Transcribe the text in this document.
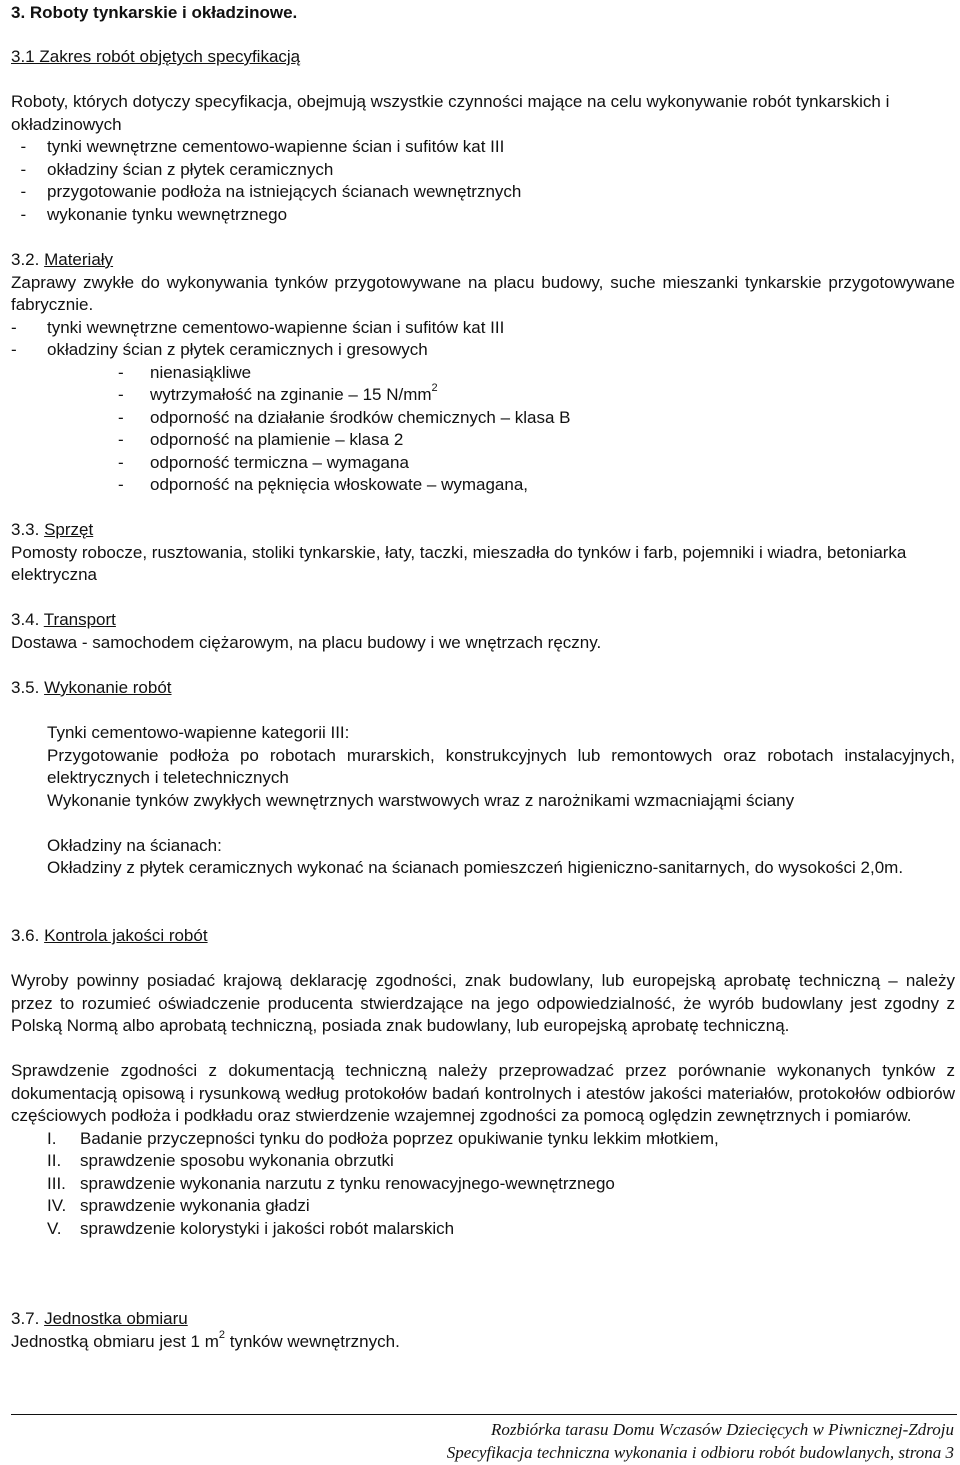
3. Roboty tynkarskie i okładzinowe.

3.1 Zakres robót objętych specyfikacją

Roboty, których dotyczy specyfikacja, obejmują wszystkie czynności mające na celu wykonywanie robót tynkarskich i okładzinowych

-	tynki wewnętrzne cementowo-wapienne ścian i sufitów kat III
-	okładziny ścian z płytek ceramicznych
-	przygotowanie podłoża na istniejących ścianach wewnętrznych
-	wykonanie tynku wewnętrznego

3.2. Materiały

Zaprawy zwykłe do wykonywania tynków przygotowywane na placu budowy, suche mieszanki tynkarskie przygotowywane fabrycznie.

-	tynki wewnętrzne cementowo-wapienne ścian i sufitów kat III
-	okładziny ścian z płytek ceramicznych i gresowych
-	nienasiąkliwe
-	wytrzymałość na zginanie – 15 $N/mm^2$
-	odporność na działanie środków chemicznych – klasa B
-	odporność na plamienie – klasa 2
-	odporność termiczna – wymagana
-	odporność na pęknięcia włoskowate – wymagana,

3.3. Sprzęt

Pomosty robocze, rusztowania, stoliki tynkarskie, łaty, taczki, mieszadła do tynków i farb, pojemniki i wiadra, betoniarka elektryczna

3.4. Transport

Dostawa - samochodem ciężarowym, na placu budowy i we wnętrzach ręczny.

3.5. Wykonanie robót

Tynki cementowo-wapienne kategorii III:

Przygotowanie podłoża po robotach murarskich, konstrukcyjnych lub remontowych oraz robotach instalacyjnych, elektrycznych i teletechnicznych

Wykonanie tynków zwykłych wewnętrznych warstwowych wraz z narożnikami wzmacniająmi ściany

Okładziny na ścianach:

Okładziny z płytek ceramicznych wykonać na ścianach pomieszczeń higieniczno-sanitarnych, do wysokości 2,0m.

3.6. Kontrola jakości robót

Wyroby powinny posiadać krajową deklarację zgodności, znak budowlany, lub europejską aprobatę techniczną – należy przez to rozumieć oświadczenie producenta stwierdzające na jego odpowiedzialność, że wyrób budowlany jest zgodny z Polską Normą albo aprobatą techniczną, posiada znak budowlany, lub europejską aprobatę techniczną.

Sprawdzenie zgodności z dokumentacją techniczną należy przeprowadzać przez porównanie wykonanych tynków z dokumentacją opisową i rysunkową według protokołów badań kontrolnych i atestów jakości materiałów, protokołów odbiorów częściowych podłoża i podkładu oraz stwierdzenie wzajemnej zgodności za pomocą oględzin zewnętrznych i pomiarów.

I.	Badanie przyczepności tynku do podłoża poprzez opukiwanie tynku lekkim młotkiem,
II.	sprawdzenie sposobu wykonania obrzutki
III. sprawdzenie wykonania narzutu z tynku renowacyjnego-wewnętrznego
IV. sprawdzenie wykonania gładzi
V.	sprawdzenie kolorystyki i jakości robót malarskich

3.7. Jednostka obmiaru

Jednostką obmiaru jest 1 $m^2$ tynków wewnętrznych.

Rozbiórka tarasu Domu Wczasów Dziecięcych w Piwnicznej-Zdroju
Specyfikacja techniczna wykonania i odbioru robót budowlanych, strona 3
